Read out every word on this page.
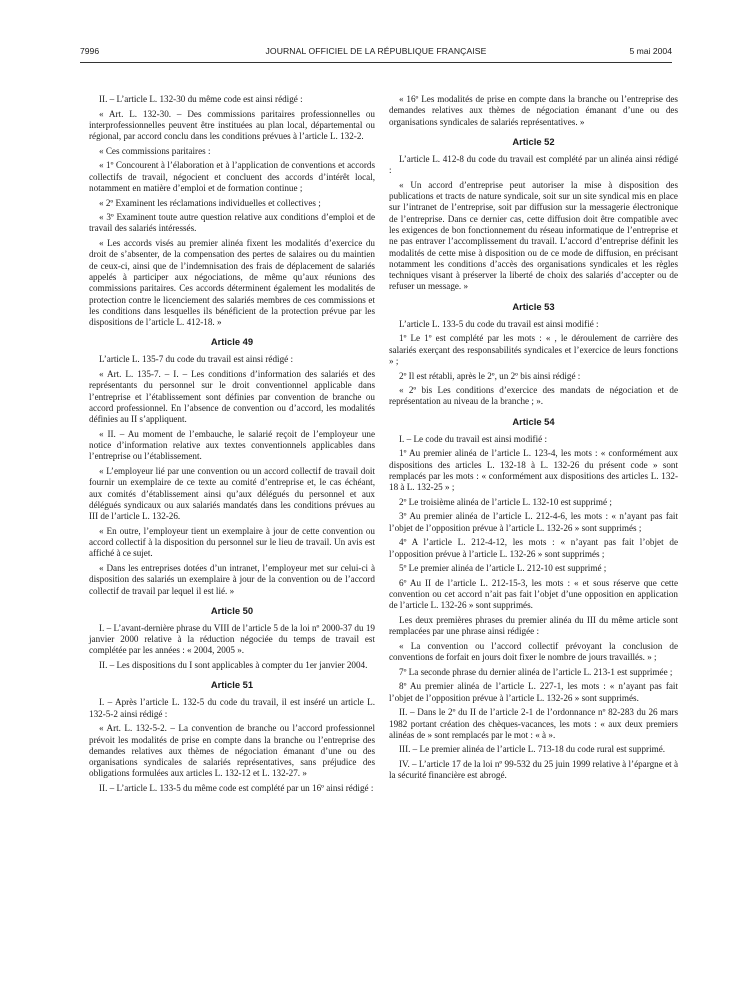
7996	JOURNAL OFFICIEL DE LA RÉPUBLIQUE FRANÇAISE	5 mai 2004

II. – L’article L. 132-30 du même code est ainsi rédigé :

« Art. L. 132-30. – Des commissions paritaires professionnelles ou interprofessionnelles peuvent être instituées au plan local, départemental ou régional, par accord conclu dans les conditions prévues à l’article L. 132-2.

« Ces commissions paritaires :

« 1º Concourent à l’élaboration et à l’application de conventions et accords collectifs de travail, négocient et concluent des accords d’intérêt local, notamment en matière d’emploi et de formation continue ;

« 2º Examinent les réclamations individuelles et collectives ;

« 3º Examinent toute autre question relative aux conditions d’emploi et de travail des salariés intéressés.

« Les accords visés au premier alinéa fixent les modalités d’exercice du droit de s’absenter, de la compensation des pertes de salaires ou du maintien de ceux-ci, ainsi que de l’indemnisation des frais de déplacement de salariés appelés à participer aux négociations, de même qu’aux réunions des commissions paritaires. Ces accords déterminent également les modalités de protection contre le licenciement des salariés membres de ces commissions et les conditions dans lesquelles ils bénéficient de la protection prévue par les dispositions de l’article L. 412-18. »

Article 49

L’article L. 135-7 du code du travail est ainsi rédigé :

« Art. L. 135-7. – I. – Les conditions d’information des salariés et des représentants du personnel sur le droit conventionnel applicable dans l’entreprise et l’établissement sont définies par convention de branche ou accord professionnel. En l’absence de convention ou d’accord, les modalités définies au II s’appliquent.

« II. – Au moment de l’embauche, le salarié reçoit de l’employeur une notice d’information relative aux textes conventionnels applicables dans l’entreprise ou l’établissement.

« L’employeur lié par une convention ou un accord collectif de travail doit fournir un exemplaire de ce texte au comité d’entreprise et, le cas échéant, aux comités d’établissement ainsi qu’aux délégués du personnel et aux délégués syndicaux ou aux salariés mandatés dans les conditions prévues au III de l’article L. 132-26.

« En outre, l’employeur tient un exemplaire à jour de cette convention ou accord collectif à la disposition du personnel sur le lieu de travail. Un avis est affiché à ce sujet.

« Dans les entreprises dotées d’un intranet, l’employeur met sur celui-ci à disposition des salariés un exemplaire à jour de la convention ou de l’accord collectif de travail par lequel il est lié. »

Article 50

I. – L’avant-dernière phrase du VIII de l’article 5 de la loi nº 2000-37 du 19 janvier 2000 relative à la réduction négociée du temps de travail est complétée par les années : « 2004, 2005 ».

II. – Les dispositions du I sont applicables à compter du 1er janvier 2004.

Article 51

I. – Après l’article L. 132-5 du code du travail, il est inséré un article L. 132-5-2 ainsi rédigé :

« Art. L. 132-5-2. – La convention de branche ou l’accord professionnel prévoit les modalités de prise en compte dans la branche ou l’entreprise des demandes relatives aux thèmes de négociation émanant d’une ou des organisations syndicales de salariés représentatives, sans préjudice des obligations formulées aux articles L. 132-12 et L. 132-27. »

II. – L’article L. 133-5 du même code est complété par un 16º ainsi rédigé :

« 16º Les modalités de prise en compte dans la branche ou l’entreprise des demandes relatives aux thèmes de négociation émanant d’une ou des organisations syndicales de salariés représentatives. »

Article 52

L’article L. 412-8 du code du travail est complété par un alinéa ainsi rédigé :

« Un accord d’entreprise peut autoriser la mise à disposition des publications et tracts de nature syndicale, soit sur un site syndical mis en place sur l’intranet de l’entreprise, soit par diffusion sur la messagerie électronique de l’entreprise. Dans ce dernier cas, cette diffusion doit être compatible avec les exigences de bon fonctionnement du réseau informatique de l’entreprise et ne pas entraver l’accomplissement du travail. L’accord d’entreprise définit les modalités de cette mise à disposition ou de ce mode de diffusion, en précisant notamment les conditions d’accès des organisations syndicales et les règles techniques visant à préserver la liberté de choix des salariés d’accepter ou de refuser un message. »

Article 53

L’article L. 133-5 du code du travail est ainsi modifié :

1º Le 1º est complété par les mots : « , le déroulement de carrière des salariés exerçant des responsabilités syndicales et l’exercice de leurs fonctions » ;

2º Il est rétabli, après le 2º, un 2º bis ainsi rédigé :

« 2º bis Les conditions d’exercice des mandats de négociation et de représentation au niveau de la branche ; ».

Article 54

I. – Le code du travail est ainsi modifié :

1º Au premier alinéa de l’article L. 123-4, les mots : « conformément aux dispositions des articles L. 132-18 à L. 132-26 du présent code » sont remplacés par les mots : « conformément aux dispositions des articles L. 132-18 à L. 132-25 » ;

2º Le troisième alinéa de l’article L. 132-10 est supprimé ;

3º Au premier alinéa de l’article L. 212-4-6, les mots : « n’ayant pas fait l’objet de l’opposition prévue à l’article L. 132-26 » sont supprimés ;

4º A l’article L. 212-4-12, les mots : « n’ayant pas fait l’objet de l’opposition prévue à l’article L. 132-26 » sont supprimés ;

5º Le premier alinéa de l’article L. 212-10 est supprimé ;

6º Au II de l’article L. 212-15-3, les mots : « et sous réserve que cette convention ou cet accord n’ait pas fait l’objet d’une opposition en application de l’article L. 132-26 » sont supprimés.

Les deux premières phrases du premier alinéa du III du même article sont remplacées par une phrase ainsi rédigée :

« La convention ou l’accord collectif prévoyant la conclusion de conventions de forfait en jours doit fixer le nombre de jours travaillés. » ;

7º La seconde phrase du dernier alinéa de l’article L. 213-1 est supprimée ;

8º Au premier alinéa de l’article L. 227-1, les mots : « n’ayant pas fait l’objet de l’opposition prévue à l’article L. 132-26 » sont supprimés.

II. – Dans le 2º du II de l’article 2-1 de l’ordonnance nº 82-283 du 26 mars 1982 portant création des chèques-vacances, les mots : « aux deux premiers alinéas de » sont remplacés par le mot : « à ».

III. – Le premier alinéa de l’article L. 713-18 du code rural est supprimé.

IV. – L’article 17 de la loi nº 99-532 du 25 juin 1999 relative à l’épargne et à la sécurité financière est abrogé.
